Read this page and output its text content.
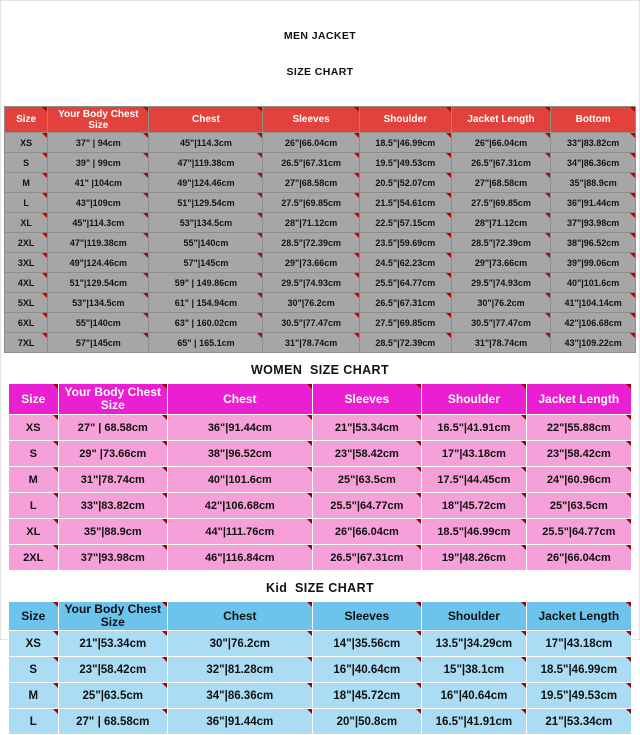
MEN JACKET

SIZE CHART

Size	Your Body Chest Size	Chest	Sleeves	Shoulder	Jacket Length	Bottom

XS	37" | 94cm	45"|114.3cm	26"|66.04cm	18.5"|46.99cm	26"|66.04cm	33"|83.82cm

S	39" | 99cm	47"|119.38cm	26.5"|67.31cm	19.5"|49.53cm	26.5"|67.31cm	34"|86.36cm

M	41" |104cm	49"|124.46cm	27"|68.58cm	20.5"|52.07cm	27"|68.58cm	35"|88.9cm

L	43"|109cm	51"|129.54cm	27.5"|69.85cm	21.5"|54.61cm	27.5"|69.85cm	36"|91.44cm

XL	45"|114.3cm	53"|134.5cm	28"|71.12cm	22.5"|57.15cm	28"|71.12cm	37"|93.98cm

2XL	47"|119.38cm	55"|140cm	28.5"|72.39cm	23.5"|59.69cm	28.5"|72.39cm	38"|96.52cm

3XL	49"|124.46cm	57"|145cm	29"|73.66cm	24.5"|62.23cm	29"|73.66cm	39"|99.06cm

4XL	51"|129.54cm	59" | 149.86cm	29.5"|74.93cm	25.5"|64.77cm	29.5"|74.93cm	40"|101.6cm

5XL	53"|134.5cm	61" | 154.94cm	30"|76.2cm	26.5"|67.31cm	30"|76.2cm	41"|104.14cm

6XL	55"|140cm	63" | 160.02cm	30.5"|77.47cm	27.5"|69.85cm	30.5"|77.47cm	42"|106.68cm

7XL	57"|145cm	65" | 165.1cm	31"|78.74cm	28.5"|72.39cm	31"|78.74cm	43"|109.22cm
WOMEN  SIZE CHART
Size	Your Body Chest Size	Chest	Sleeves	Shoulder	Jacket Length

XS	27" | 68.58cm	36"|91.44cm	21"|53.34cm	16.5"|41.91cm	22"|55.88cm

S	29" |73.66cm	38"|96.52cm	23"|58.42cm	17"|43.18cm	23"|58.42cm

M	31"|78.74cm	40"|101.6cm	25"|63.5cm	17.5"|44.45cm	24"|60.96cm

L	33"|83.82cm	42"|106.68cm	25.5"|64.77cm	18"|45.72cm	25"|63.5cm

XL	35"|88.9cm	44"|111.76cm	26"|66.04cm	18.5"|46.99cm	25.5"|64.77cm

2XL	37"|93.98cm	46"|116.84cm	26.5"|67.31cm	19"|48.26cm	26"|66.04cm
Kid  SIZE CHART
Size	Your Body Chest Size	Chest	Sleeves	Shoulder	Jacket Length

XS	21"|53.34cm	30"|76.2cm	14"|35.56cm	13.5"|34.29cm	17"|43.18cm

S	23"|58.42cm	32"|81.28cm	16"|40.64cm	15"|38.1cm	18.5"|46.99cm

M	25"|63.5cm	34"|86.36cm	18"|45.72cm	16"|40.64cm	19.5"|49.53cm

L	27" | 68.58cm	36"|91.44cm	20"|50.8cm	16.5"|41.91cm	21"|53.34cm
